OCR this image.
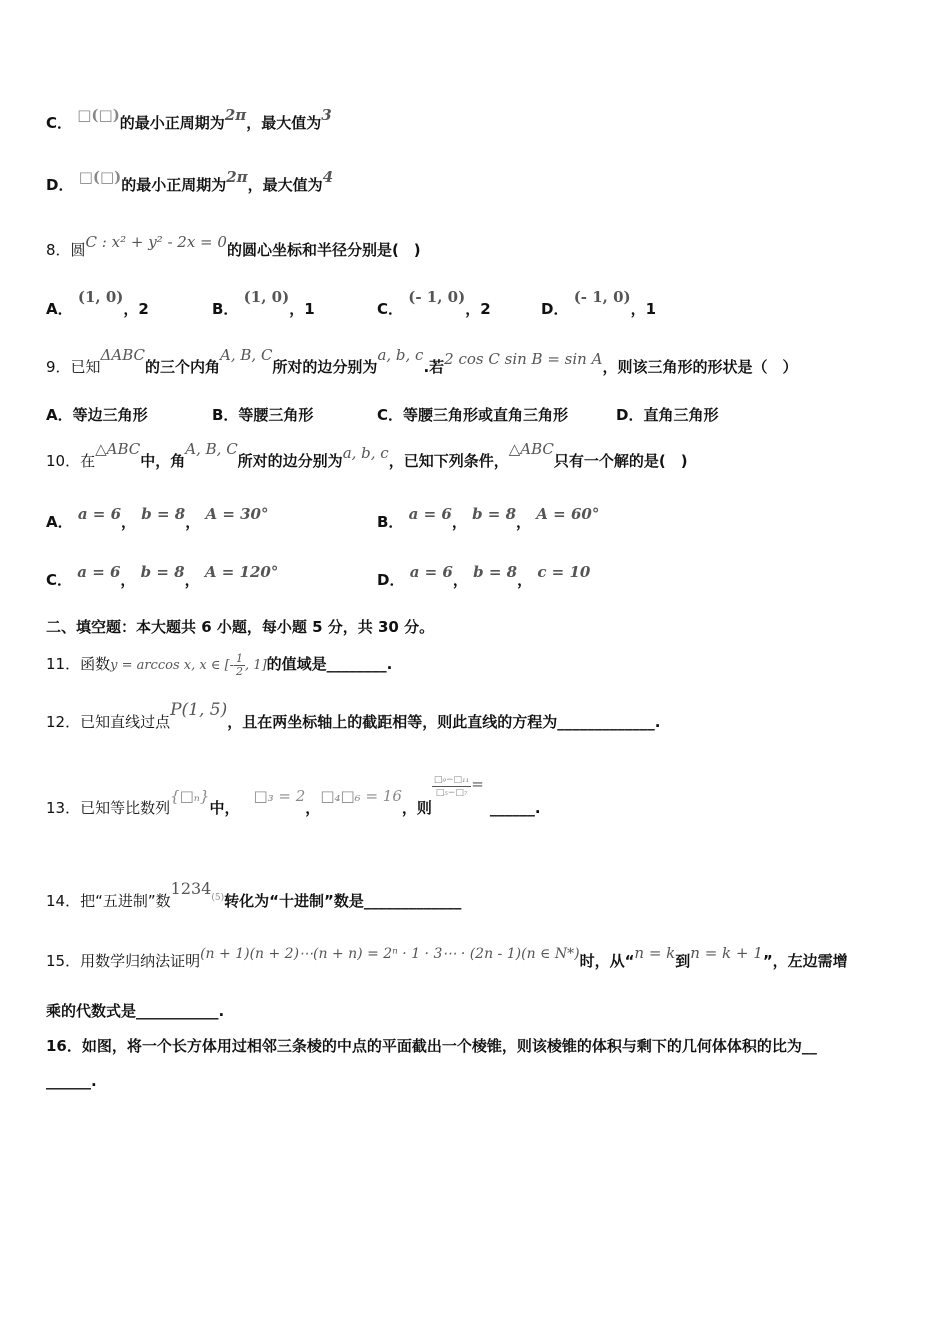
C． □(□)的最小正周期为2π，最大值为3
D． □(□)的最小正周期为2π，最大值为4
8．圆C : x² + y² - 2x = 0的圆心坐标和半径分别是(　)
A． (1, 0)，2	B． (1, 0)，1	C． (- 1, 0)，2	D． (- 1, 0)，1
9．已知ΔABC的三个内角A, B, C所对的边分别为a, b, c.若2 cos C sin B = sin A，则该三角形的形状是（　）
A．等边三角形	B．等腰三角形	C．等腰三角形或直角三角形	D．直角三角形
10．在△ABC中，角A, B, C所对的边分别为a, b, c，已知下列条件，△ABC只有一个解的是(　)
A． a = 6， b = 8， A = 30°	B． a = 6， b = 8， A = 60°
C． a = 6， b = 8， A = 120°	D． a = 6， b = 8， c = 10
二、填空题：本大题共 6 小题，每小题 5 分，共 30 分。
11．函数y = arccos x, x ∈ [- $\frac{1}{2}$ , 1]的值域是________.
12．已知直线过点P(1, 5)，且在两坐标轴上的截距相等，则此直线的方程为_____________.
13．已知等比数列{□ₙ}中，□₃ = 2，□₄□₆ = 16，则
$\frac{\text{□₉−□₁₁}}{\text{□₅−□₇}}$ =______.
14．把“五进制”数1234$^{(5)}$转化为“十进制”数是_____________
15．用数学归纳法证明(n + 1)(n + 2)⋯(n + n) = 2ⁿ · 1 · 3⋯ · (2n - 1)(n ∈ N*)时，从“n = k到n = k + 1”，左边需增
乘的代数式是___________.
16．如图，将一个长方体用过相邻三条棱的中点的平面截出一个棱锥，则该棱锥的体积与剩下的几何体体积的比为__
______.
